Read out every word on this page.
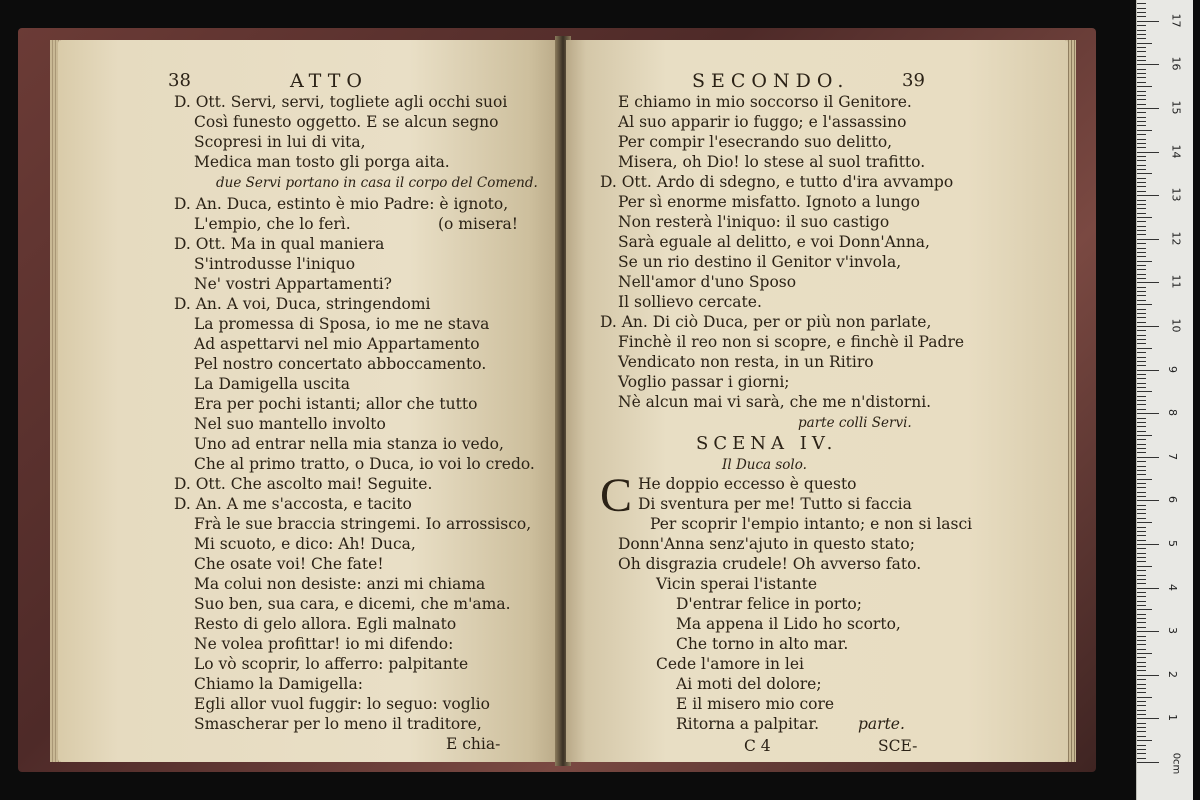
38	ATTO
D. Ott. Servi, servi, togliete agli occhi suoi
Così funesto oggetto. E se alcun segno
Scopresi in lui di vita,
Medica man tosto gli porga aita.
due Servi portano in casa il corpo del Comend.
D. An. Duca, estinto è mio Padre: è ignoto,
L'empio, che lo ferì.	(o misera!
D. Ott. Ma in qual maniera
S'introdusse l'iniquo
Ne' vostri Appartamenti?
D. An. A voi, Duca, stringendomi
La promessa di Sposa, io me ne stava
Ad aspettarvi nel mio Appartamento
Pel nostro concertato abboccamento.
La Damigella uscita
Era per pochi istanti; allor che tutto
Nel suo mantello involto
Uno ad entrar nella mia stanza io vedo,
Che al primo tratto, o Duca, io voi lo credo.
D. Ott. Che ascolto mai! Seguite.
D. An. A me s'accosta, e tacito
Frà le sue braccia stringemi. Io arrossisco,
Mi scuoto, e dico: Ah! Duca,
Che osate voi! Che fate!
Ma colui non desiste: anzi mi chiama
Suo ben, sua cara, e dicemi, che m'ama.
Resto di gelo allora. Egli malnato
Ne volea profittar! io mi difendo:
Lo vò scoprir, lo afferro: palpitante
Chiamo la Damigella:
Egli allor vuol fuggir: lo seguo: voglio
Smascherar per lo meno il traditore,
E chia-
SECONDO.	39
E chiamo in mio soccorso il Genitore.
Al suo apparir io fuggo; e l'assassino
Per compir l'esecrando suo delitto,
Misera, oh Dio! lo stese al suol trafitto.
D. Ott. Ardo di sdegno, e tutto d'ira avvampo
Per sì enorme misfatto. Ignoto a lungo
Non resterà l'iniquo: il suo castigo
Sarà eguale al delitto, e voi Donn'Anna,
Se un rio destino il Genitor v'invola,
Nell'amor d'uno Sposo
Il sollievo cercate.
D. An. Di ciò Duca, per or più non parlate,
Finchè il reo non si scopre, e finchè il Padre
Vendicato non resta, in un Ritiro
Voglio passar i giorni;
Nè alcun mai vi sarà, che me n'distorni.
parte colli Servi.
SCENA IV.
Il Duca solo.
C He doppio eccesso è questo
Di sventura per me! Tutto si faccia
Per scoprir l'empio intanto; e non si lasci
Donn'Anna senz'ajuto in questo stato;
Oh disgrazia crudele! Oh avverso fato.
Vicin sperai l'istante
D'entrar felice in porto;
Ma appena il Lido ho scorto,
Che torno in alto mar.
Cede l'amore in lei
Ai moti del dolore;
E il misero mio core
Ritorna a palpitar.	parte.
C 4	SCE-
1
2
3
4
5
6
7
8
9
10
11
12
13
14
15
16
17
0cm
